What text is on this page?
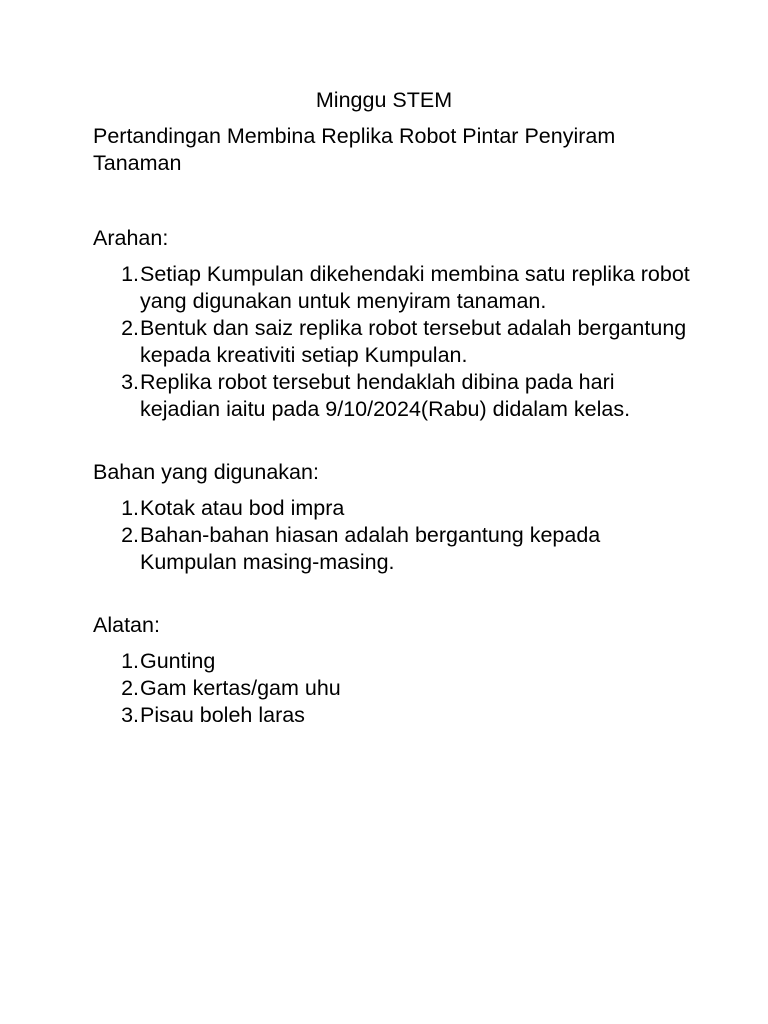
Minggu STEM

Pertandingan Membina Replika Robot Pintar Penyiram Tanaman

Arahan:

1. Setiap Kumpulan dikehendaki membina satu replika robot yang digunakan untuk menyiram tanaman.
2. Bentuk dan saiz replika robot tersebut adalah bergantung kepada kreativiti setiap Kumpulan.
3. Replika robot tersebut hendaklah dibina pada hari kejadian iaitu pada 9/10/2024(Rabu) didalam kelas.

Bahan yang digunakan:

1. Kotak atau bod impra
2. Bahan-bahan hiasan adalah bergantung kepada Kumpulan masing-masing.

Alatan:

1. Gunting
2. Gam kertas/gam uhu
3. Pisau boleh laras
